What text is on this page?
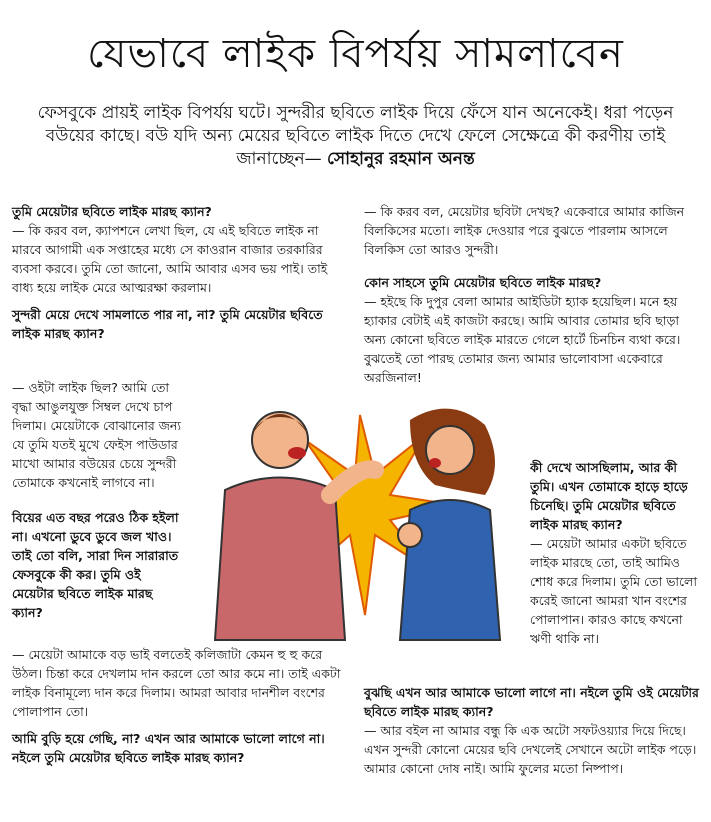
যেভাবে লাইক বিপর্যয় সামলাবেন
ফেসবুকে প্রায়ই লাইক বিপর্যয় ঘটে। সুন্দরীর ছবিতে লাইক দিয়ে ফেঁসে যান অনেকেই। ধরা পড়েন বউয়ের কাছে। বউ যদি অন্য মেয়ের ছবিতে লাইক দিতে দেখে ফেলে সেক্ষেত্রে কী করণীয় তাই জানাচ্ছেন— সোহানুর রহমান অনন্ত

তুমি মেয়েটার ছবিতে লাইক মারছ ক্যান?
— কি করব বল, ক্যাপশনে লেখা ছিল, যে এই ছবিতে লাইক না মারবে আগামী এক সপ্তাহের মধ্যে সে কাওরান বাজার তরকারির ব্যবসা করবে। তুমি তো জানো, আমি আবার এসব ভয় পাই। তাই বাধ্য হয়ে লাইক মেরে আত্মরক্ষা করলাম।

সুন্দরী মেয়ে দেখে সামলাতে পার না, না? তুমি মেয়েটার ছবিতে লাইক মারছ ক্যান?

— ওইটা লাইক ছিল? আমি তো বৃদ্ধা আঙুলযুক্ত সিম্বল দেখে চাপ দিলাম। মেয়েটাকে বোঝানোর জন্য যে তুমি যতই মুখে ফেইস পাউডার মাখো আমার বউয়ের চেয়ে সুন্দরী তোমাকে কখনোই লাগবে না।
বিয়ের এত বছর পরেও ঠিক হইলা না। এখনো ডুবে ডুবে জল খাও। তাই তো বলি, সারা দিন সারারাত ফেসবুকে কী কর। তুমি ওই মেয়েটার ছবিতে লাইক মারছ ক্যান?

— মেয়েটা আমাকে বড় ভাই বলতেই কলিজাটা কেমন হু হু করে উঠল। চিন্তা করে দেখলাম দান করলে তো আর কমে না। তাই একটা লাইক বিনামূল্যে দান করে দিলাম। আমরা আবার দানশীল বংশের পোলাপান তো।

আমি বুড়ি হয়ে গেছি, না? এখন আর আমাকে ভালো লাগে না। নইলে তুমি মেয়েটার ছবিতে লাইক মারছ ক্যান?

— কি করব বল, মেয়েটার ছবিটা দেখছ? একেবারে আমার কাজিন বিলকিসের মতো। লাইক দেওয়ার পরে বুঝতে পারলাম আসলে বিলকিস তো আরও সুন্দরী।

কোন সাহসে তুমি মেয়েটার ছবিতে লাইক মারছ?
— হইছে কি দুপুর বেলা আমার আইডিটা হ্যাক হয়েছিল। মনে হয় হ্যাকার বেটাই এই কাজটা করছে। আমি আবার তোমার ছবি ছাড়া অন্য কোনো ছবিতে লাইক মারতে গেলে হার্টে চিনচিন ব্যথা করে। বুঝতেই তো পারছ তোমার জন্য আমার ভালোবাসা একেবারে অরজিনাল!

কী দেখে আসছিলাম, আর কী তুমি। এখন তোমাকে হাড়ে হাড়ে চিনেছি। তুমি মেয়েটার ছবিতে লাইক মারছ ক্যান?
— মেয়েটা আমার একটা ছবিতে লাইক মারছে তো, তাই আমিও শোধ করে দিলাম। তুমি তো ভালো করেই জানো আমরা খান বংশের পোলাপান। কারও কাছে কখনো ঋণী থাকি না।
বুঝছি এখন আর আমাকে ভালো লাগে না। নইলে তুমি ওই মেয়েটার ছবিতে লাইক মারছ ক্যান?
— আর বইল না আমার বন্ধু কি এক অটো সফটওয়্যার দিয়ে দিছে। এখন সুন্দরী কোনো মেয়ের ছবি দেখলেই সেখানে অটো লাইক পড়ে। আমার কোনো দোষ নাই। আমি ফুলের মতো নিষ্পাপ।
